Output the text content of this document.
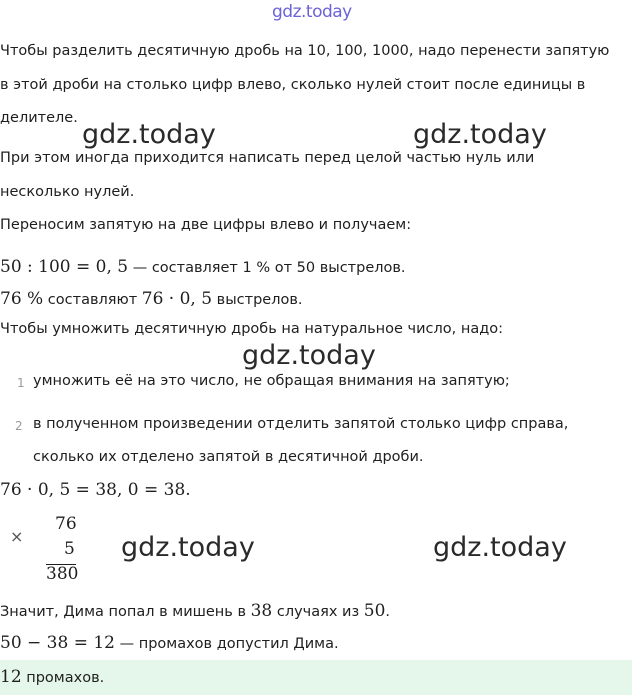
gdz.today
Чтобы разделить десятичную дробь на 10, 100, 1000, надо перенести запятую
в этой дроби на столько цифр влево, сколько нулей стоит после единицы в
делителе.
gdz.today	gdz.today
При этом иногда приходится написать перед целой частью нуль или
несколько нулей.
Переносим запятую на две цифры влево и получаем:
50 : 100 = 0, 5 — составляет 1 % от 50 выстрелов.
76 % составляют 76 · 0, 5 выстрелов.
Чтобы умножить десятичную дробь на натуральное число, надо:
gdz.today
1 умножить её на это число, не обращая внимания на запятую;
2 в полученном произведении отделить запятой столько цифр справа,
сколько их отделено запятой в десятичной дроби.
76 · 0, 5 = 38, 0 = 38.
×
76
5
380
gdz.today	gdz.today
Значит, Дима попал в мишень в 38 случаях из 50.
50 − 38 = 12 — промахов допустил Дима.
12 промахов.
